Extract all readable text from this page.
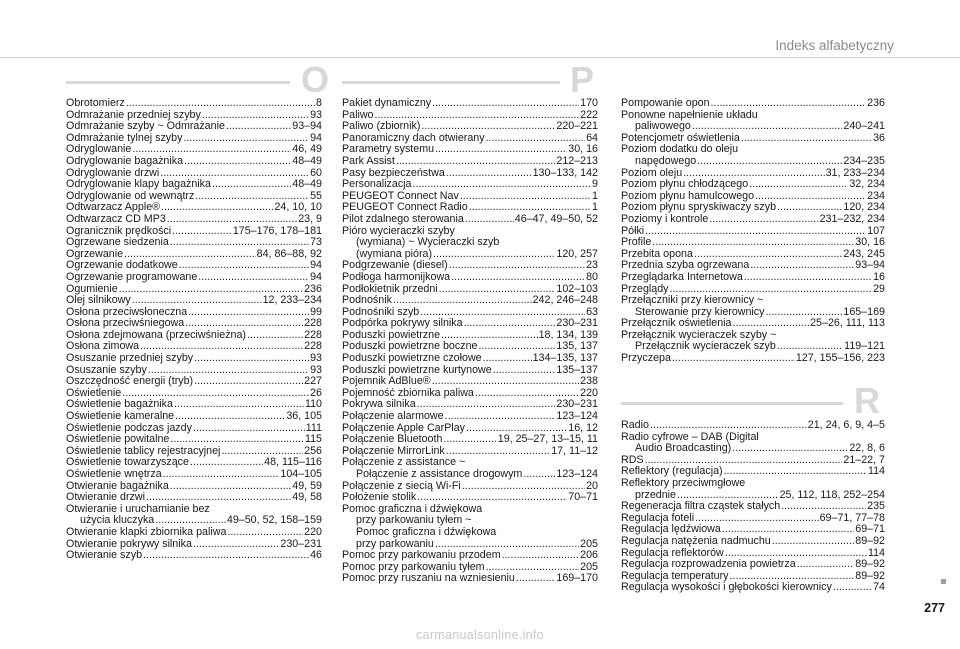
Indeks alfabetyczny
O	P
R
Obrotomierz .....	8
Odmrażanie przedniej szyby .....	93
Odmrażanie szyby ~ Odmrażanie .....	93–94
Odmrażanie tylnej szyby .....	94
Odryglowanie .....	46, 49
Odryglowanie bagażnika .....	48–49
Odryglowanie drzwi .....	60
Odryglowanie klapy bagażnika .....	48–49
Odryglowanie od wewnątrz .....	55
Odtwarzacz Apple® .....	24, 10, 10
Odtwarzacz CD MP3 .....	23, 9
Ogranicznik prędkości .....	175–176, 178–181
Ogrzewane siedzenia .....	73
Ogrzewanie .....	84, 86–88, 92
Ogrzewanie dodatkowe .....	94
Ogrzewanie programowane .....	94
Ogumienie .....	236
Olej silnikowy .....	12, 233–234
Osłona przeciwsłoneczna .....	99
Osłona przeciwśniegowa .....	228
Osłona zdejmowana (przeciwśnieżna) .....	228
Osłona zimowa .....	228
Osuszanie przedniej szyby .....	93
Osuszanie szyby .....	93
Oszczędność energii (tryb) .....	227
Oświetlenie .....	26
Oświetlenie bagażnika .....	110
Oświetlenie kameralne .....	36, 105
Oświetlenie podczas jazdy .....	111
Oświetlenie powitalne .....	115
Oświetlenie tablicy rejestracyjnej .....	256
Oświetlenie towarzyszące .....	48, 115–116
Oświetlenie wnętrza .....	104–105
Otwieranie bagażnika .....	49, 59
Otwieranie drzwi .....	49, 58
Otwieranie i uruchamianie bez
użycia kluczyka .....	49–50, 52, 158–159
Otwieranie klapki zbiornika paliwa .....	220
Otwieranie pokrywy silnika .....	230–231
Otwieranie szyb .....	46
Pakiet dynamiczny .....	170
Paliwo .....	222
Paliwo (zbiornik) .....	220–221
Panoramiczny dach otwierany .....	64
Parametry systemu .....	30, 16
Park Assist .....	212–213
Pasy bezpieczeństwa .....	130–133, 142
Personalizacja .....	9
PEUGEOT Connect Nav .....	1
PEUGEOT Connect Radio .....	1
Pilot zdalnego sterowania .....	46–47, 49–50, 52
Pióro wycieraczki szyby
(wymiana) ~ Wycieraczki szyb
(wymiana pióra) .....	120, 257
Podgrzewanie (diesel) .....	23
Podłoga harmonijkowa .....	80
Podłokietnik przedni .....	102–103
Podnośnik .....	242, 246–248
Podnośniki szyb .....	63
Podpórka pokrywy silnika .....	230–231
Poduszki powietrzne .....	18, 134, 139
Poduszki powietrzne boczne .....	135, 137
Poduszki powietrzne czołowe .....	134–135, 137
Poduszki powietrzne kurtynowe .....	135–137
Pojemnik AdBlue® .....	238
Pojemność zbiornika paliwa .....	220
Pokrywa silnika .....	230–231
Połączenie alarmowe .....	123–124
Połączenie Apple CarPlay .....	16, 12
Połączenie Bluetooth .....	19, 25–27, 13–15, 11
Połączenie MirrorLink .....	17, 11–12
Połączenie z assistance ~
Połączenie z assistance drogowym .....	123–124
Połączenie z siecią Wi-Fi .....	20
Położenie stolik .....	70–71
Pomoc graficzna i dźwiękowa
przy parkowaniu tyłem ~
Pomoc graficzna i dźwiękowa
przy parkowaniu .....	205
Pomoc przy parkowaniu przodem .....	206
Pomoc przy parkowaniu tyłem .....	205
Pomoc przy ruszaniu na wzniesieniu .....	169–170
Pompowanie opon .....	236
Ponowne napełnienie układu
paliwowego .....	240–241
Potencjometr oświetlenia .....	36
Poziom dodatku do oleju
napędowego .....	234–235
Poziom oleju .....	31, 233–234
Poziom płynu chłodzącego .....	32, 234
Poziom płynu hamulcowego .....	234
Poziom płynu spryskiwaczy szyb .....	120, 234
Poziomy i kontrole .....	231–232, 234
Półki .....	107
Profile .....	30, 16
Przebita opona .....	243, 245
Przednia szyba ogrzewana .....	93–94
Przeglądarka Internetowa .....	16
Przeglądy .....	29
Przełączniki przy kierownicy ~
Sterowanie przy kierownicy .....	165–169
Przełącznik oświetlenia .....	25–26, 111, 113
Przełącznik wycieraczek szyby ~
Przełącznik wycieraczek szyb .....	119–121
Przyczepa .....	127, 155–156, 223
Radio .....	21, 24, 6, 9, 4–5
Radio cyfrowe – DAB (Digital
Audio Broadcasting) .....	22, 8, 6
RDS .....	21–22, 7
Reflektory (regulacja) .....	114
Reflektory przeciwmgłowe
przednie .....	25, 112, 118, 252–254
Regeneracja filtra cząstek stałych .....	235
Regulacja foteli .....	69–71, 77–78
Regulacja lędźwiowa .....	69–71
Regulacja natężenia nadmuchu .....	89–92
Regulacja reflektorów .....	114
Regulacja rozprowadzenia powietrza .....	89–92
Regulacja temperatury .....	89–92
Regulacja wysokości i głębokości kierownicy .....	74
277
carmanualsonline.info
